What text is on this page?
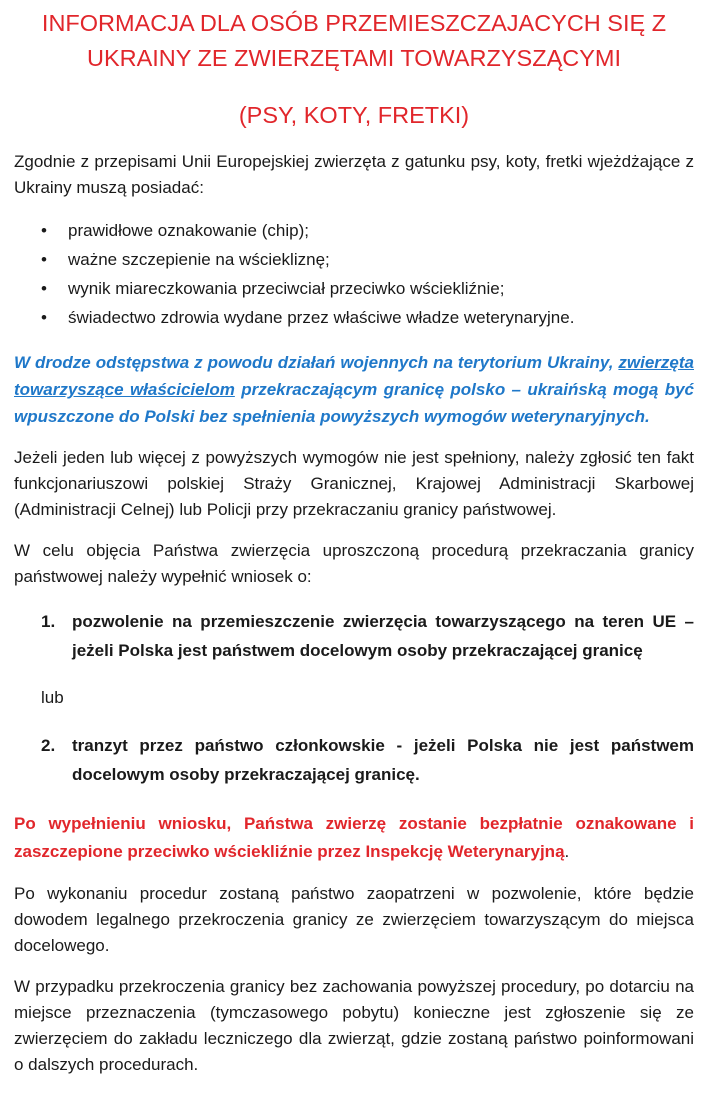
INFORMACJA DLA OSÓB PRZEMIESZCZAJACYCH SIĘ Z
UKRAINY ZE ZWIERZĘTAMI TOWARZYSZĄCYMI
(PSY, KOTY, FRETKI)

Zgodnie z przepisami Unii Europejskiej zwierzęta z gatunku psy, koty, fretki wjeżdżające z Ukrainy muszą posiadać:

• prawidłowe oznakowanie (chip);
• ważne szczepienie na wściekliznę;
• wynik miareczkowania przeciwciał przeciwko wściekliźnie;
• świadectwo zdrowia wydane przez właściwe władze weterynaryjne.

W drodze odstępstwa z powodu działań wojennych na terytorium Ukrainy, zwierzęta towarzyszące właścicielom przekraczającym granicę polsko – ukraińską mogą być wpuszczone do Polski bez spełnienia powyższych wymogów weterynaryjnych.

Jeżeli jeden lub więcej z powyższych wymogów nie jest spełniony, należy zgłosić ten fakt funkcjonariuszowi polskiej Straży Granicznej, Krajowej Administracji Skarbowej (Administracji Celnej) lub Policji przy przekraczaniu granicy państwowej.

W celu objęcia Państwa zwierzęcia uproszczoną procedurą przekraczania granicy państwowej należy wypełnić wniosek o:

1. pozwolenie na przemieszczenie zwierzęcia towarzyszącego na teren UE – jeżeli Polska jest państwem docelowym osoby przekraczającej granicę
lub
2. tranzyt przez państwo członkowskie - jeżeli Polska nie jest państwem docelowym osoby przekraczającej granicę.

Po wypełnieniu wniosku, Państwa zwierzę zostanie bezpłatnie oznakowane i zaszczepione przeciwko wściekliźnie przez Inspekcję Weterynaryjną.

Po wykonaniu procedur zostaną państwo zaopatrzeni w pozwolenie, które będzie dowodem legalnego przekroczenia granicy ze zwierzęciem towarzyszącym do miejsca docelowego.

W przypadku przekroczenia granicy bez zachowania powyższej procedury, po dotarciu na miejsce przeznaczenia (tymczasowego pobytu) konieczne jest zgłoszenie się ze zwierzęciem do zakładu leczniczego dla zwierząt, gdzie zostaną państwo poinformowani o dalszych procedurach.
